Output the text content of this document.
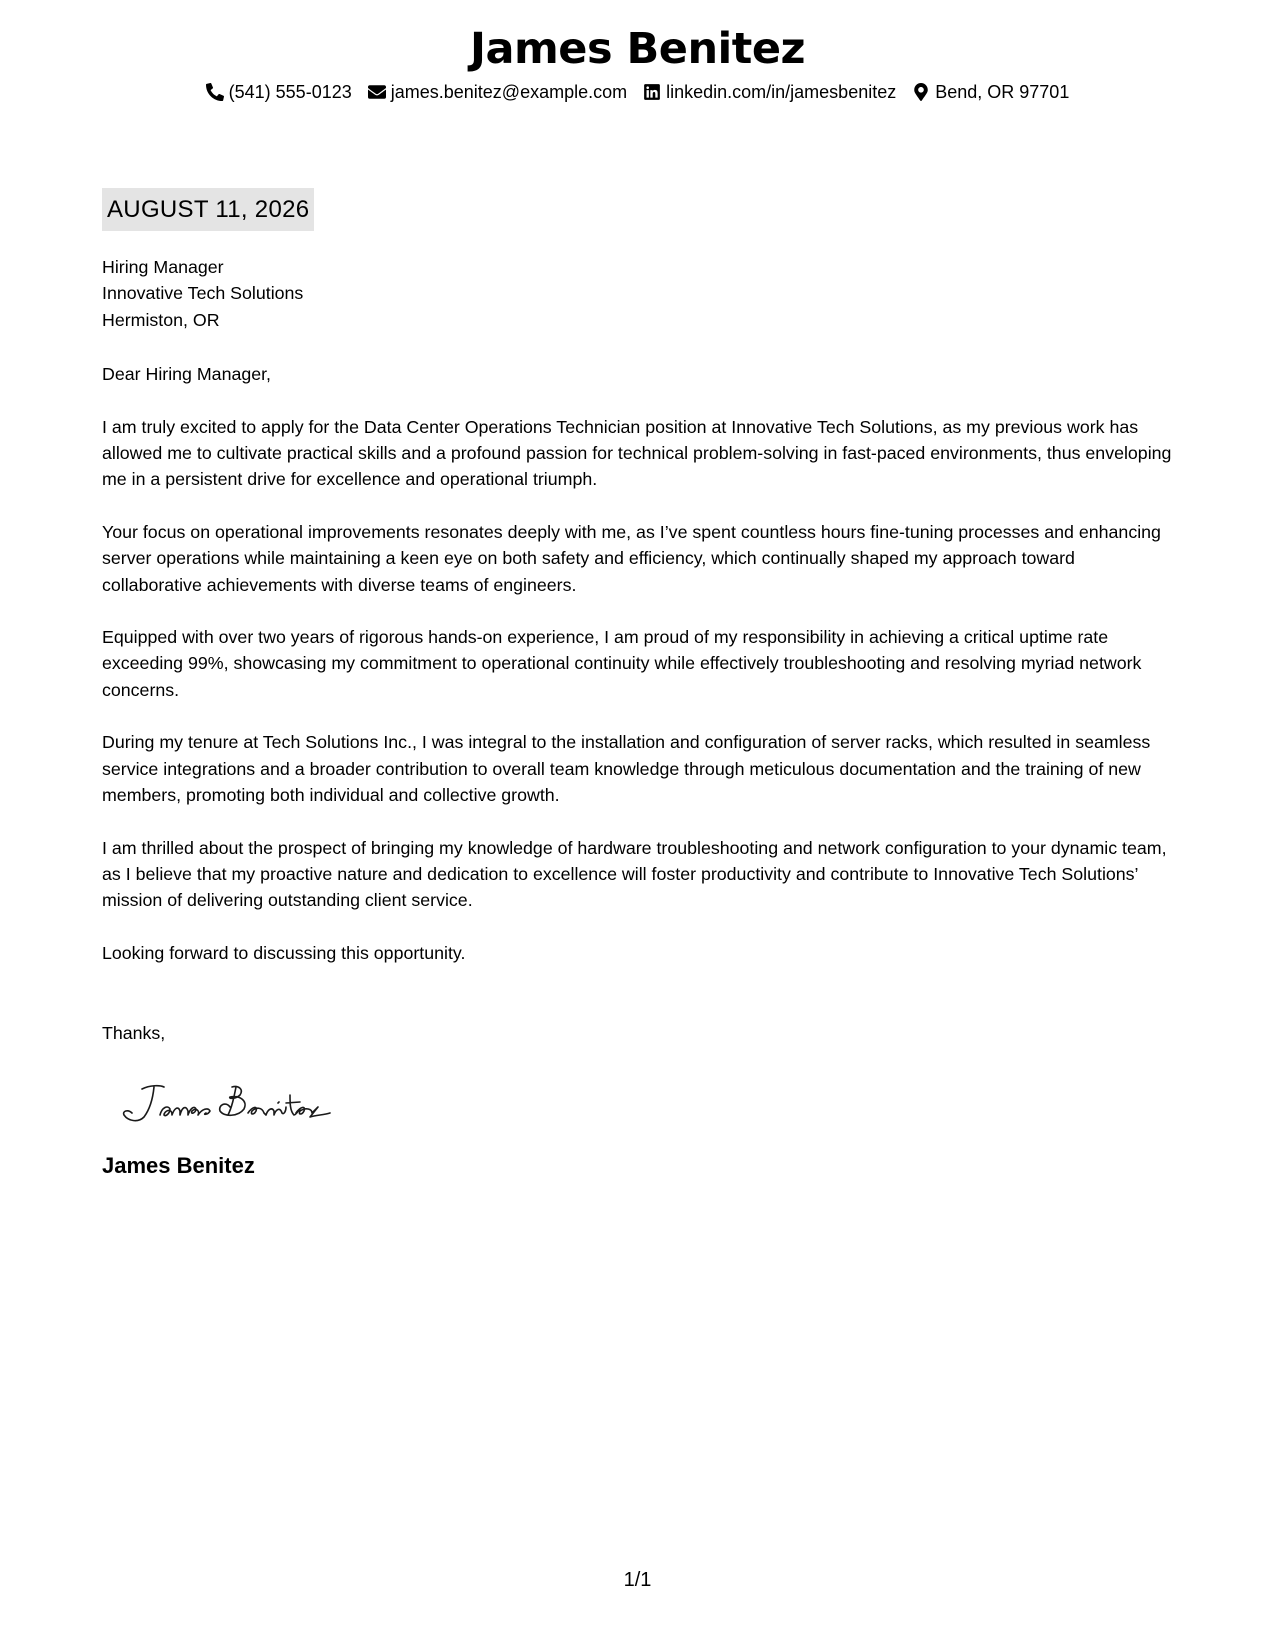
James Benitez
(541) 555-0123 james.benitez@example.com linkedin.com/in/jamesbenitez Bend, OR 97701
AUGUST 11, 2026
Hiring Manager
Innovative Tech Solutions
Hermiston, OR
Dear Hiring Manager,

I am truly excited to apply for the Data Center Operations Technician position at Innovative Tech Solutions, as my previous work has allowed me to cultivate practical skills and a profound passion for technical problem-solving in fast-paced environments, thus enveloping me in a persistent drive for excellence and operational triumph.

Your focus on operational improvements resonates deeply with me, as I’ve spent countless hours fine-tuning processes and enhancing server operations while maintaining a keen eye on both safety and efficiency, which continually shaped my approach toward collaborative achievements with diverse teams of engineers.

Equipped with over two years of rigorous hands-on experience, I am proud of my responsibility in achieving a critical uptime rate exceeding 99%, showcasing my commitment to operational continuity while effectively troubleshooting and resolving myriad network concerns.

During my tenure at Tech Solutions Inc., I was integral to the installation and configuration of server racks, which resulted in seamless service integrations and a broader contribution to overall team knowledge through meticulous documentation and the training of new members, promoting both individual and collective growth.

I am thrilled about the prospect of bringing my knowledge of hardware troubleshooting and network configuration to your dynamic team, as I believe that my proactive nature and dedication to excellence will foster productivity and contribute to Innovative Tech Solutions’ mission of delivering outstanding client service.

Looking forward to discussing this opportunity.
Thanks,
James Benitez
1/1
